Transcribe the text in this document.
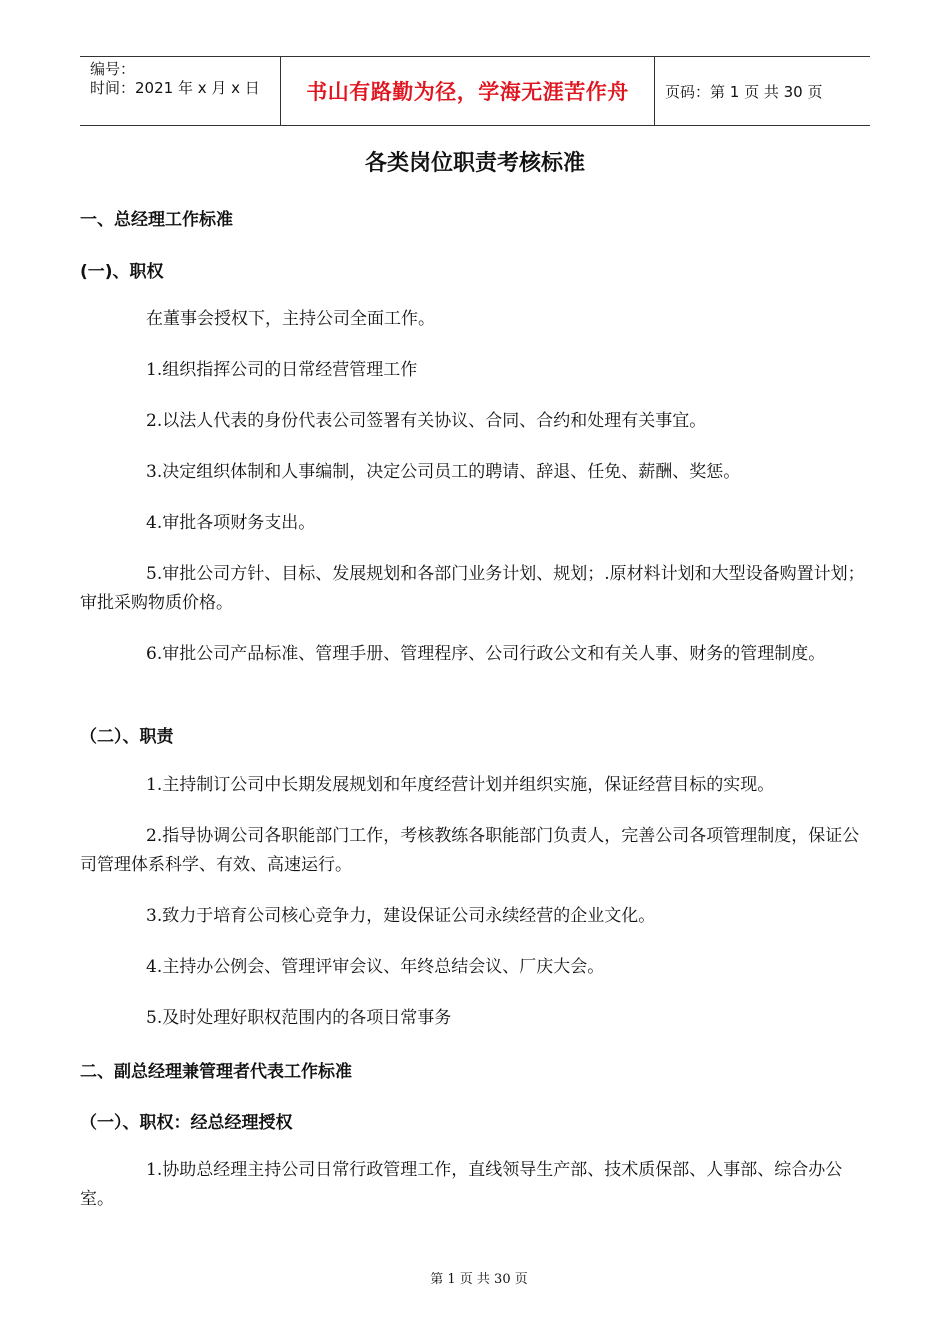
编号：
时间：2021 年 x 月 x 日	书山有路勤为径，学海无涯苦作舟 页码：第 1 页 共 30 页
各类岗位职责考核标准
一、总经理工作标准
(一)、职权
在董事会授权下，主持公司全面工作。
1.组织指挥公司的日常经营管理工作
2.以法人代表的身份代表公司签署有关协议、合同、合约和处理有关事宜。
3.决定组织体制和人事编制，决定公司员工的聘请、辞退、任免、薪酬、奖惩。
4.审批各项财务支出。
5.审批公司方针、目标、发展规划和各部门业务计划、规划；.原材料计划和大型设备购置计划；审批采购物质价格。
6.审批公司产品标准、管理手册、管理程序、公司行政公文和有关人事、财务的管理制度。
（二）、职责
1.主持制订公司中长期发展规划和年度经营计划并组织实施，保证经营目标的实现。
2.指导协调公司各职能部门工作，考核教练各职能部门负责人，完善公司各项管理制度，保证公司管理体系科学、有效、高速运行。
3.致力于培育公司核心竞争力，建设保证公司永续经营的企业文化。
4.主持办公例会、管理评审会议、年终总结会议、厂庆大会。
5.及时处理好职权范围内的各项日常事务
二、副总经理兼管理者代表工作标准
（一）、职权：经总经理授权
1.协助总经理主持公司日常行政管理工作，直线领导生产部、技术质保部、人事部、综合办公室。
第 1 页 共 30 页
